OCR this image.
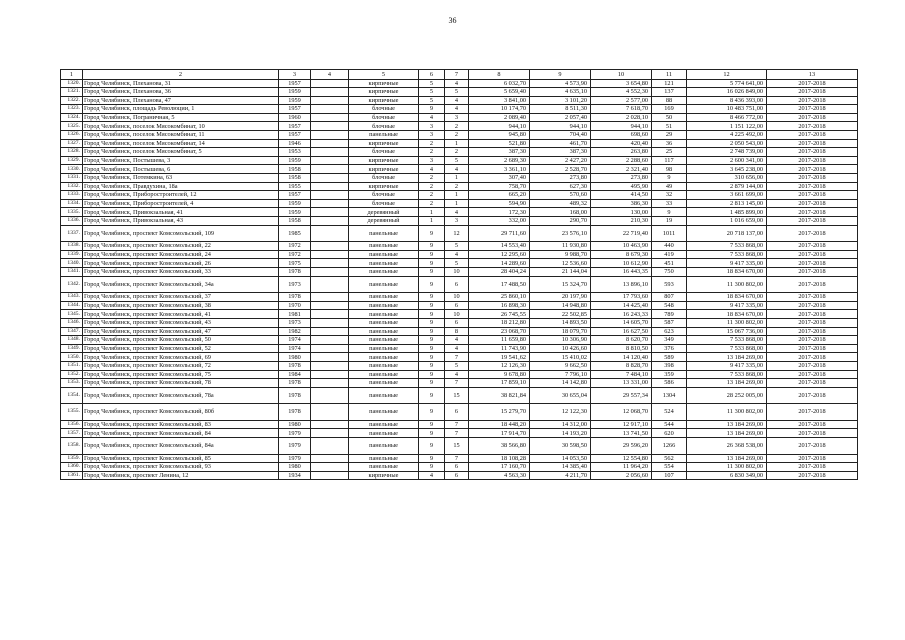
36
1	2	3	4	5	6	7	8	9	10	11	12	13
1320.	Город Челябинск, Плеханова, 31	1957		кирпичные	5	4	6 032,70	4 573,90	3 654,80	121	5 774 641,00	2017-2018
1321.	Город Челябинск, Плеханова, 36	1959		кирпичные	5	5	5 659,40	4 635,10	4 552,30	137	16 026 849,00	2017-2018
1322.	Город Челябинск, Плеханова, 47	1959		кирпичные	5	4	3 841,00	3 101,20	2 577,00	88	8 436 393,00	2017-2018
1323.	Город Челябинск, площадь Революции, 1	1957		блочные	9	4	10 174,70	8 511,30	7 618,70	169	10 483 751,00	2017-2018
1324.	Город Челябинск, Пограничная, 5	1960		блочные	4	3	2 089,40	2 057,40	2 028,10	50	8 466 772,00	2017-2018
1325.	Город Челябинск, поселок Мясокомбинат, 10	1957		блочные	3	2	944,10	944,10	944,10	51	1 151 122,00	2017-2018
1326.	Город Челябинск, поселок Мясокомбинат, 11	1957		панельные	3	2	945,80	704,40	698,60	29	4 225 492,00	2017-2018
1327.	Город Челябинск, поселок Мясокомбинат, 14	1946		кирпичные	2	1	521,80	461,70	420,40	36	2 050 543,00	2017-2018
1328.	Город Челябинск, поселок Мясокомбинат, 5	1953		блочные	2	2	387,30	387,30	263,80	25	2 748 739,00	2017-2018
1329.	Город Челябинск, Постышева, 3	1959		кирпичные	3	5	2 689,30	2 427,20	2 288,60	117	2 600 341,00	2017-2018
1330.	Город Челябинск, Постышева, 6	1958		кирпичные	4	4	3 361,10	2 528,70	2 321,40	98	3 645 238,00	2017-2018
1331.	Город Челябинск, Потемкина, 63	1958		блочные	2	1	307,40	273,80	273,80	9	310 656,00	2017-2018
1332.	Город Челябинск, Правдухина, 18а	1955		кирпичные	2	2	758,70	627,30	495,90	49	2 879 144,00	2017-2018
1333.	Город Челябинск, Приборостроителей, 12	1957		блочные	2	1	665,20	570,60	414,50	32	3 661 699,00	2017-2018
1334.	Город Челябинск, Приборостроителей, 4	1959		блочные	2	1	594,90	489,32	386,30	33	2 813 145,00	2017-2018
1335.	Город Челябинск, Привокзальная, 41	1959		деревянный	1	4	172,30	168,00	130,00	9	1 485 899,00	2017-2018
1336.	Город Челябинск, Привокзальная, 43	1958		деревянный	1	3	332,00	290,70	210,30	19	1 016 659,00	2017-2018
1337.	Город Челябинск, проспект Комсомольский, 109	1985		панельные	9	12	29 711,60	23 576,10	22 719,40	1011	20 718 137,00	2017-2018
1338.	Город Челябинск, проспект Комсомольский, 22	1972		панельные	9	5	14 553,40	11 930,80	10 463,90	440	7 533 868,00	2017-2018
1339.	Город Челябинск, проспект Комсомольский, 24	1972		панельные	9	4	12 295,60	9 988,70	8 679,30	419	7 533 868,00	2017-2018
1340.	Город Челябинск, проспект Комсомольский, 26	1975		панельные	9	5	14 289,60	12 536,60	10 612,90	451	9 417 335,00	2017-2018
1341.	Город Челябинск, проспект Комсомольский, 33	1978		панельные	9	10	28 404,24	21 144,04	16 443,35	750	18 834 670,00	2017-2018
1342.	Город Челябинск, проспект Комсомольский, 34а	1973		панельные	9	6	17 488,50	15 324,70	13 896,10	593	11 300 802,00	2017-2018
1343.	Город Челябинск, проспект Комсомольский, 37	1978		панельные	9	10	25 860,10	20 197,90	17 793,60	807	18 834 670,00	2017-2018
1344.	Город Челябинск, проспект Комсомольский, 38	1970		панельные	9	6	16 898,30	14 948,80	14 425,40	548	9 417 335,00	2017-2018
1345.	Город Челябинск, проспект Комсомольский, 41	1981		панельные	9	10	26 745,55	22 502,85	16 243,33	789	18 834 670,00	2017-2018
1346.	Город Челябинск, проспект Комсомольский, 43	1973		панельные	9	6	18 212,80	14 893,50	14 605,70	587	11 300 802,00	2017-2018
1347.	Город Челябинск, проспект Комсомольский, 47	1982		панельные	9	8	23 068,70	18 079,70	16 627,50	623	15 067 736,00	2017-2018
1348.	Город Челябинск, проспект Комсомольский, 50	1974		панельные	9	4	11 659,80	10 306,90	8 620,70	349	7 533 868,00	2017-2018
1349.	Город Челябинск, проспект Комсомольский, 52	1974		панельные	9	4	11 743,90	10 426,60	8 810,50	376	7 533 868,00	2017-2018
1350.	Город Челябинск, проспект Комсомольский, 69	1980		панельные	9	7	19 541,62	15 410,02	14 120,40	589	13 184 269,00	2017-2018
1351.	Город Челябинск, проспект Комсомольский, 72	1978		панельные	9	5	12 126,30	9 662,50	8 828,70	398	9 417 335,00	2017-2018
1352.	Город Челябинск, проспект Комсомольский, 75	1984		панельные	9	4	9 678,80	7 796,10	7 484,10	359	7 533 868,00	2017-2018
1353.	Город Челябинск, проспект Комсомольский, 78	1978		панельные	9	7	17 859,10	14 142,80	13 331,00	586	13 184 269,00	2017-2018
1354.	Город Челябинск, проспект Комсомольский, 78а	1978		панельные	9	15	38 821,84	30 655,04	29 557,34	1304	28 252 005,00	2017-2018
1355.	Город Челябинск, проспект Комсомольский, 80б	1978		панельные	9	6	15 279,70	12 122,30	12 068,70	524	11 300 802,00	2017-2018
1356.	Город Челябинск, проспект Комсомольский, 83	1980		панельные	9	7	18 448,20	14 312,00	12 917,10	544	13 184 269,00	2017-2018
1357.	Город Челябинск, проспект Комсомольский, 84	1979		панельные	9	7	17 914,70	14 193,20	13 741,50	620	13 184 269,00	2017-2018
1358.	Город Челябинск, проспект Комсомольский, 84а	1979		панельные	9	15	38 566,80	30 598,50	29 596,20	1266	26 368 538,00	2017-2018
1359.	Город Челябинск, проспект Комсомольский, 85	1979		панельные	9	7	18 108,28	14 053,50	12 554,80	562	13 184 269,00	2017-2018
1360.	Город Челябинск, проспект Комсомольский, 93	1980		панельные	9	6	17 160,70	14 385,40	11 964,20	554	11 300 802,00	2017-2018
1361.	Город Челябинск, проспект Ленина, 12	1934		кирпичные	4	6	4 563,30	4 211,70	2 056,60	107	6 830 349,00	2017-2018
